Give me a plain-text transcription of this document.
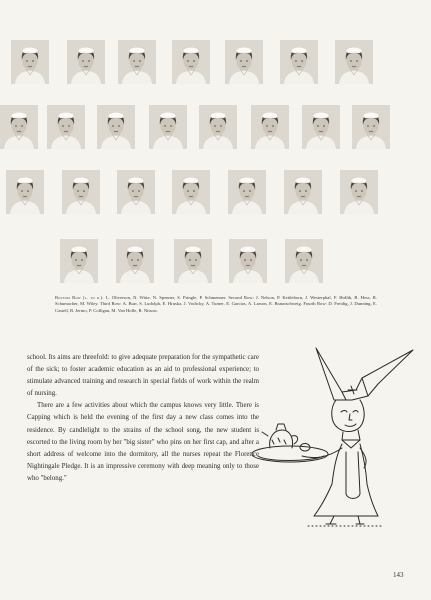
Bottom Row (l. to r.): L. Oliverson, N. Witte, N. Spenner, S. Pringle, P. Schmenner. Second Row: J. Nelson, P. Kettleborn, J. Westerphal, F. Hrdlik, B. Hess, R. Schumacher, M. Wiley. Third Row: A. Burr, S. Ludolph, E. Hruska, J. Vorlicky, A. Turner, E. Garcias, A. Larson, E. Braunschweig. Fourth Row: D. Freidig, J. Dunning, E. Castell, B. Jermo, P. Colligan, M. Van Holle, R. Nitsow.

school. Its aims are threefold: to give adequate preparation for the sympathetic care of the sick; to foster academic education as an aid to professional experience; to stimulate advanced training and research in special fields of work within the realm of nursing.

There are a few activities about which the campus knows very little. There is Capping which is held the evening of the first day a new class comes into the residence. By candlelight to the strains of the school song, the new student is escorted to the living room by her "big sister" who pins on her first cap, and after a short address of welcome into the dormitory, all the nurses repeat the Florence Nightingale Pledge. It is an impressive ceremony with deep meaning only to those who "belong."

143
